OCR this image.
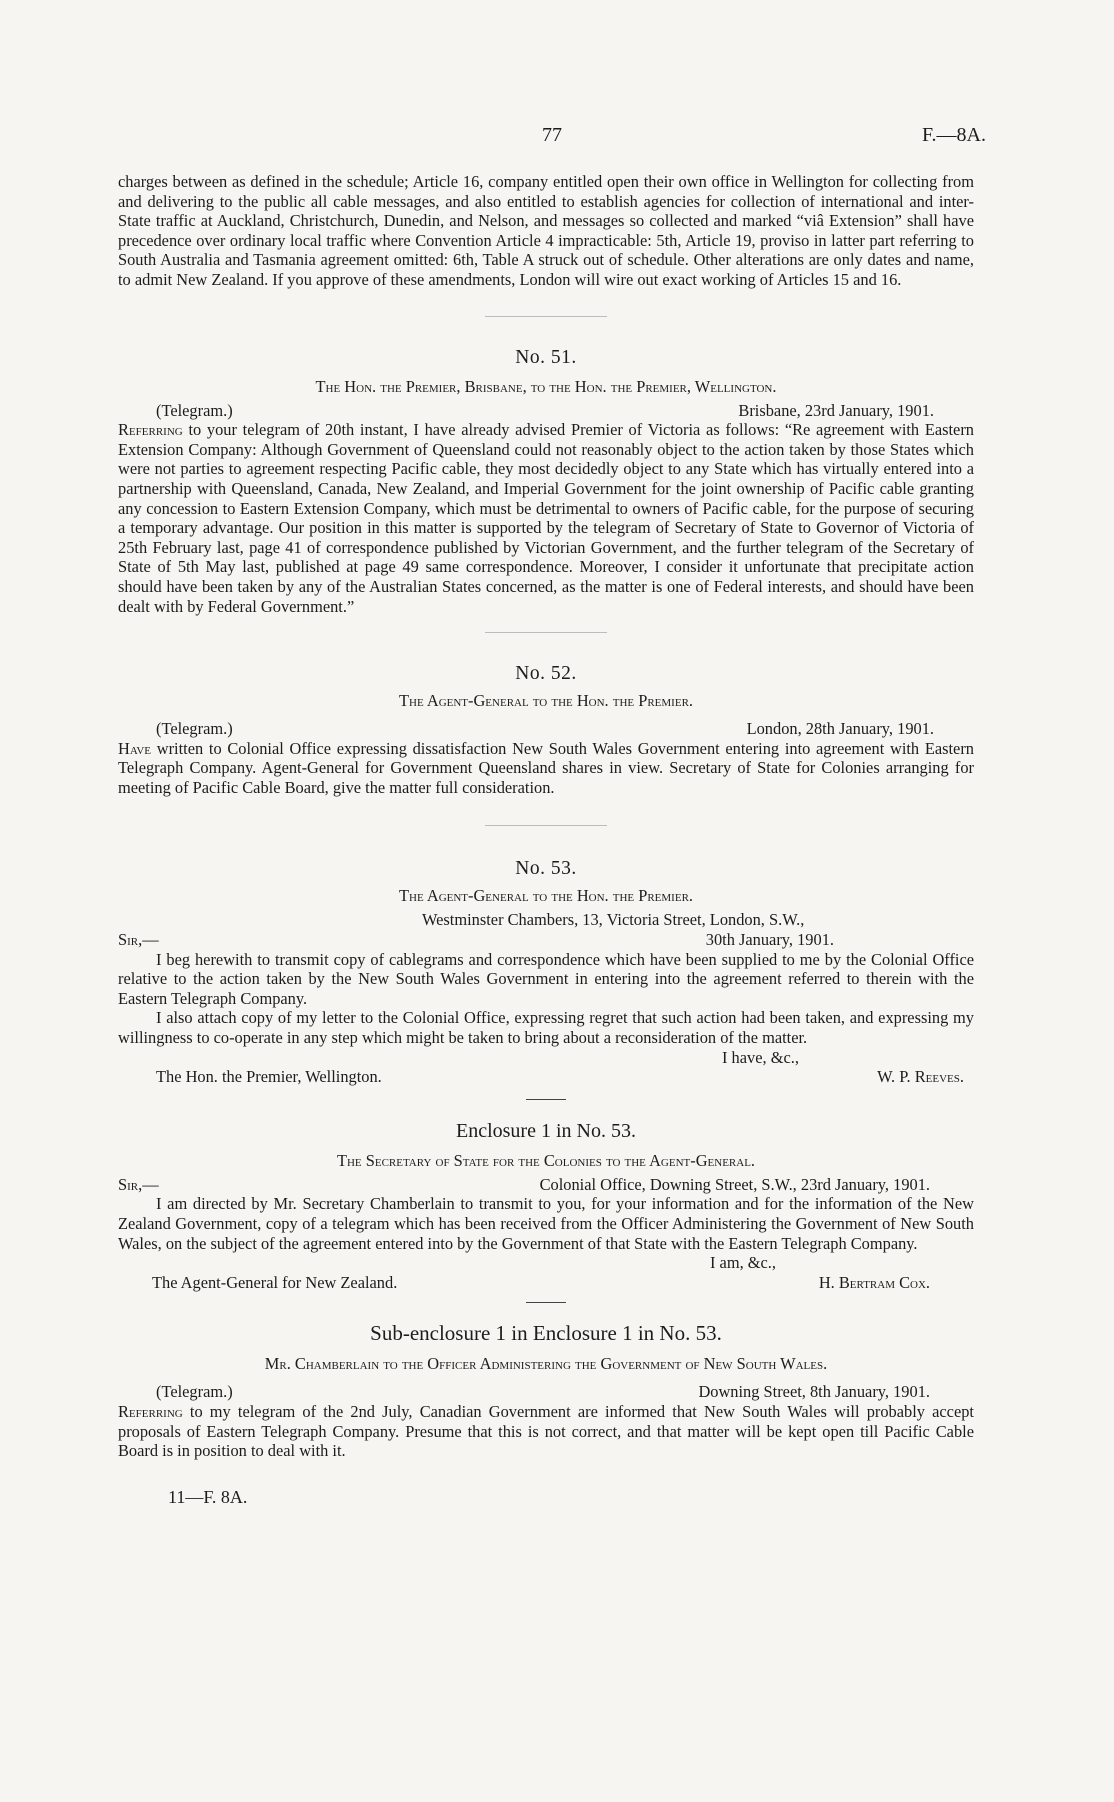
77	F.—8A.

charges between as defined in the schedule; Article 16, company entitled open their own office in Wellington for collecting from and delivering to the public all cable messages, and also entitled to establish agencies for collection of international and inter-State traffic at Auckland, Christchurch, Dunedin, and Nelson, and messages so collected and marked “viâ Extension” shall have precedence over ordinary local traffic where Convention Article 4 impracticable: 5th, Article 19, proviso in latter part referring to South Australia and Tasmania agreement omitted: 6th, Table A struck out of schedule. Other alterations are only dates and name, to admit New Zealand. If you approve of these amendments, London will wire out exact working of Articles 15 and 16.

No. 51.
The Hon. the Premier, Brisbane, to the Hon. the Premier, Wellington.
(Telegram.)	Brisbane, 23rd January, 1901.

Referring to your telegram of 20th instant, I have already advised Premier of Victoria as follows: “Re agreement with Eastern Extension Company: Although Government of Queensland could not reasonably object to the action taken by those States which were not parties to agreement respecting Pacific cable, they most decidedly object to any State which has virtually entered into a partnership with Queensland, Canada, New Zealand, and Imperial Government for the joint ownership of Pacific cable granting any concession to Eastern Extension Company, which must be detrimental to owners of Pacific cable, for the purpose of securing a temporary advantage. Our position in this matter is supported by the telegram of Secretary of State to Governor of Victoria of 25th February last, page 41 of correspondence published by Victorian Government, and the further telegram of the Secretary of State of 5th May last, published at page 49 same correspondence. Moreover, I consider it unfortunate that precipitate action should have been taken by any of the Australian States concerned, as the matter is one of Federal interests, and should have been dealt with by Federal Government.”

No. 52.
The Agent-General to the Hon. the Premier.
(Telegram.)	London, 28th January, 1901.

Have written to Colonial Office expressing dissatisfaction New South Wales Government entering into agreement with Eastern Telegraph Company. Agent-General for Government Queensland shares in view. Secretary of State for Colonies arranging for meeting of Pacific Cable Board, give the matter full consideration.

No. 53.
The Agent-General to the Hon. the Premier.
Westminster Chambers, 13, Victoria Street, London, S.W.,
Sir,—	30th January, 1901.

I beg herewith to transmit copy of cablegrams and correspondence which have been supplied to me by the Colonial Office relative to the action taken by the New South Wales Government in entering into the agreement referred to therein with the Eastern Telegraph Company.

I also attach copy of my letter to the Colonial Office, expressing regret that such action had been taken, and expressing my willingness to co-operate in any step which might be taken to bring about a reconsideration of the matter.

I have, &c.,
The Hon. the Premier, Wellington.	W. P. Reeves.
Enclosure 1 in No. 53.
The Secretary of State for the Colonies to the Agent-General.
Sir,—	Colonial Office, Downing Street, S.W., 23rd January, 1901.

I am directed by Mr. Secretary Chamberlain to transmit to you, for your information and for the information of the New Zealand Government, copy of a telegram which has been received from the Officer Administering the Government of New South Wales, on the subject of the agreement entered into by the Government of that State with the Eastern Telegraph Company.

I am, &c.,
The Agent-General for New Zealand.	H. Bertram Cox.
Sub-enclosure 1 in Enclosure 1 in No. 53.
Mr. Chamberlain to the Officer Administering the Government of New South Wales.
(Telegram.)	Downing Street, 8th January, 1901.

Referring to my telegram of the 2nd July, Canadian Government are informed that New South Wales will probably accept proposals of Eastern Telegraph Company. Presume that this is not correct, and that matter will be kept open till Pacific Cable Board is in position to deal with it.

11—F. 8A.
